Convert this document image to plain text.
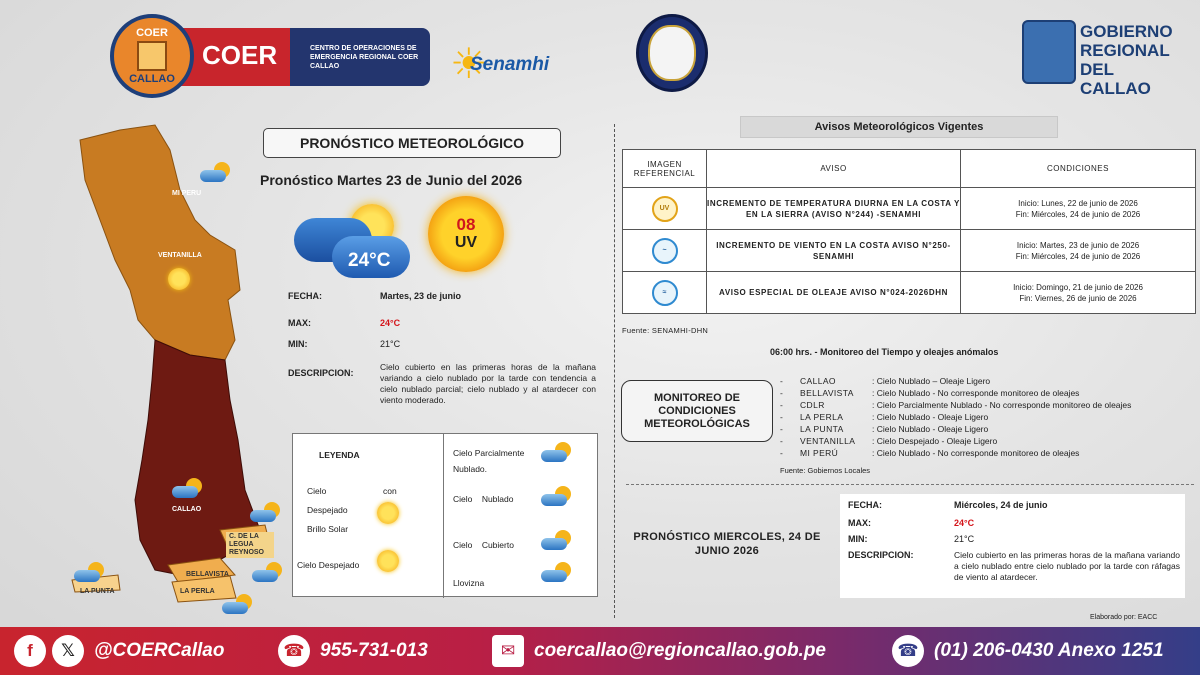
COER
CALLAO
COER	CENTRO DE OPERACIONES DE EMERGENCIA REGIONAL COER CALLAO	☀
Senamhi
GOBIERNO REGIONAL DEL CALLAO
MI PERU
VENTANILLA
CALLAO
C. DE LA LEGUA REYNOSO
BELLAVISTA
LA PUNTA	LA PERLA
PRONÓSTICO METEOROLÓGICO
Pronóstico Martes 23 de Junio del 2026
24°C
08
UV
FECHA:	Martes, 23 de junio
MAX:	24°C
MIN:	21°C
DESCRIPCION:
Cielo cubierto en las primeras horas de la mañana variando a cielo nublado por la tarde con tendencia a cielo nublado parcial; cielo nublado y al atardecer con viento moderado.
LEYENDA
Cielo	con
Despejado
Brillo Solar
Cielo Despejado
Cielo Parcialmente
Nublado.
Cielo    Nublado
Cielo    Cubierto
Llovizna
Avisos Meteorológicos Vigentes
IMAGEN REFERENCIAL	AVISO	CONDICIONES
UV	INCREMENTO DE TEMPERATURA DIURNA EN LA COSTA Y EN LA SIERRA (AVISO N°244) -SENAMHI	Inicio: Lunes, 22 de junio de 2026
Fin: Miércoles, 24 de junio de 2026

~	INCREMENTO DE VIENTO EN LA COSTA AVISO N°250-SENAMHI	Inicio: Martes, 23 de junio de 2026
Fin: Miércoles, 24 de junio de 2026

≈	AVISO ESPECIAL DE OLEAJE AVISO N°024-2026DHN	Inicio: Domingo, 21 de junio de 2026
Fin: Viernes, 26 de junio de 2026
Fuente: SENAMHI-DHN
06:00 hrs. - Monitoreo del Tiempo y oleajes anómalos
MONITOREO DE CONDICIONES METEOROLÓGICAS
-	CALLAO	: Cielo Nublado – Oleaje Ligero
-	BELLAVISTA	: Cielo Nublado - No corresponde monitoreo de oleajes
-	CDLR	: Cielo Parcialmente Nublado - No corresponde monitoreo de oleajes
-	LA PERLA	: Cielo Nublado - Oleaje Ligero
-	LA PUNTA	: Cielo Nublado - Oleaje Ligero
-	VENTANILLA	: Cielo Despejado - Oleaje Ligero
-	MI PERÚ	: Cielo Nublado - No corresponde monitoreo de oleajes
Fuente: Gobiernos Locales
PRONÓSTICO MIERCOLES, 24 DE JUNIO 2026
FECHA:	Miércoles, 24 de junio
MAX:	24°C
MIN:	21°C
DESCRIPCION:	Cielo cubierto en las primeras horas de la mañana variando a cielo nublado entre cielo nublado por la tarde con ráfagas de viento al atardecer.
Elaborado por: EACC
f	𝕏	@COERCallao	☎ 955-731-013	✉ coercallao@regioncallao.gob.pe	☎ (01) 206-0430 Anexo 1251
